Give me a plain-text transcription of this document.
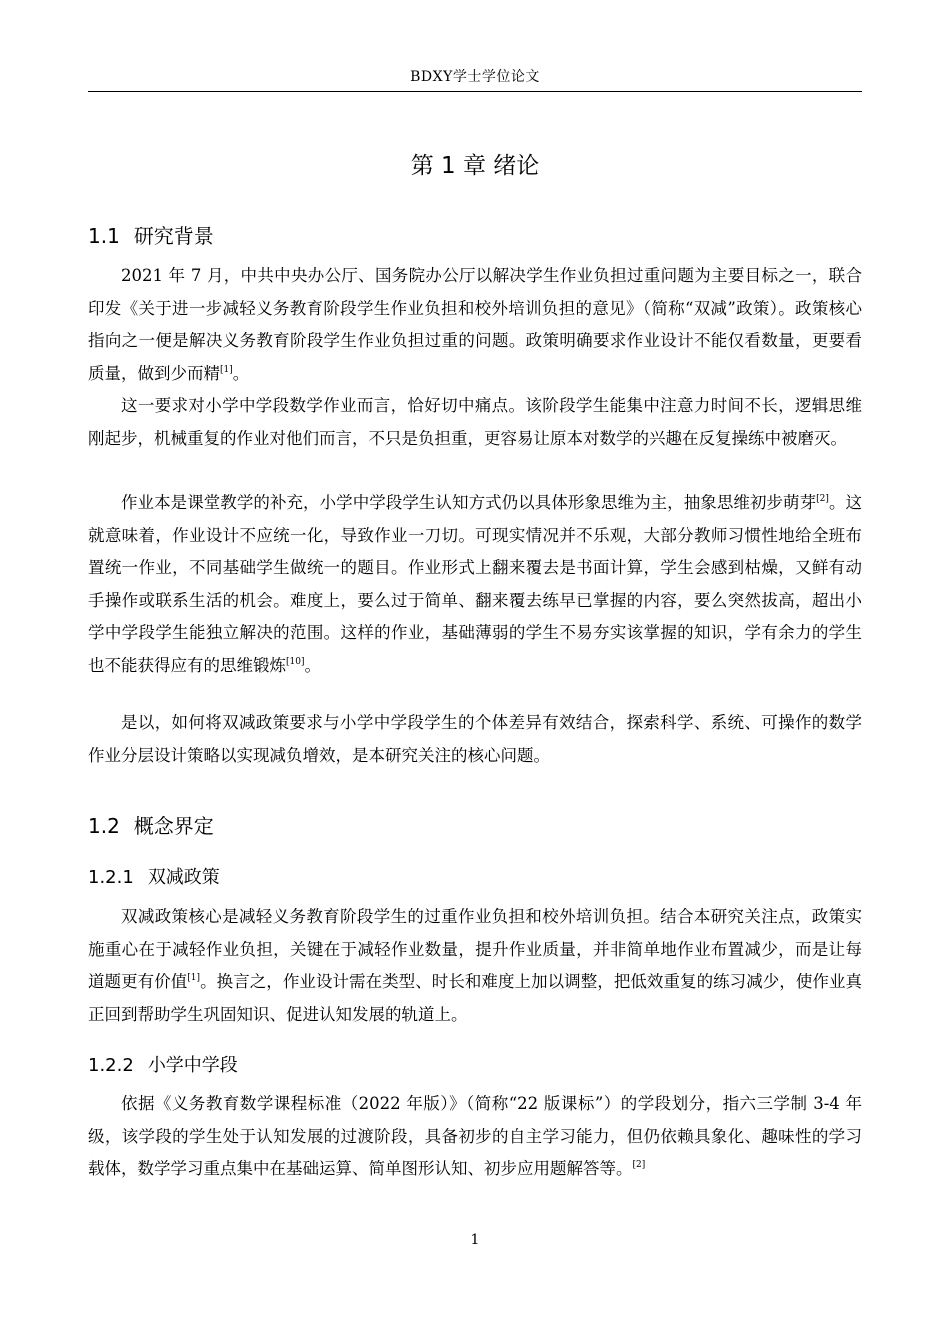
BDXY学士学位论文
第 1 章 绪论
1.1 研究背景

2021 年 7 月，中共中央办公厅、国务院办公厅以解决学生作业负担过重问题为主要目标之一，联合印发《关于进一步减轻义务教育阶段学生作业负担和校外培训负担的意见》（简称“双减”政策）。政策核心指向之一便是解决义务教育阶段学生作业负担过重的问题。政策明确要求作业设计不能仅看数量，更要看质量，做到少而精[1]。

这一要求对小学中学段数学作业而言，恰好切中痛点。该阶段学生能集中注意力时间不长，逻辑思维刚起步，机械重复的作业对他们而言，不只是负担重，更容易让原本对数学的兴趣在反复操练中被磨灭。

作业本是课堂教学的补充，小学中学段学生认知方式仍以具体形象思维为主，抽象思维初步萌芽[2]。这就意味着，作业设计不应统一化，导致作业一刀切。可现实情况并不乐观，大部分教师习惯性地给全班布置统一作业，不同基础学生做统一的题目。作业形式上翻来覆去是书面计算，学生会感到枯燥，又鲜有动手操作或联系生活的机会。难度上，要么过于简单、翻来覆去练早已掌握的内容，要么突然拔高，超出小学中学段学生能独立解决的范围。这样的作业，基础薄弱的学生不易夯实该掌握的知识，学有余力的学生也不能获得应有的思维锻炼[10]。

是以，如何将双减政策要求与小学中学段学生的个体差异有效结合，探索科学、系统、可操作的数学作业分层设计策略以实现减负增效，是本研究关注的核心问题。

1.2 概念界定
1.2.1 双减政策

双减政策核心是减轻义务教育阶段学生的过重作业负担和校外培训负担。结合本研究关注点，政策实施重心在于减轻作业负担，关键在于减轻作业数量，提升作业质量，并非简单地作业布置减少，而是让每道题更有价值[1]。换言之，作业设计需在类型、时长和难度上加以调整，把低效重复的练习减少，使作业真正回到帮助学生巩固知识、促进认知发展的轨道上。

1.2.2 小学中学段

依据《义务教育数学课程标准（2022 年版）》（简称“22 版课标”）的学段划分，指六三学制 3-4 年级，该学段的学生处于认知发展的过渡阶段，具备初步的自主学习能力，但仍依赖具象化、趣味性的学习载体，数学学习重点集中在基础运算、简单图形认知、初步应用题解答等。[2]

1
